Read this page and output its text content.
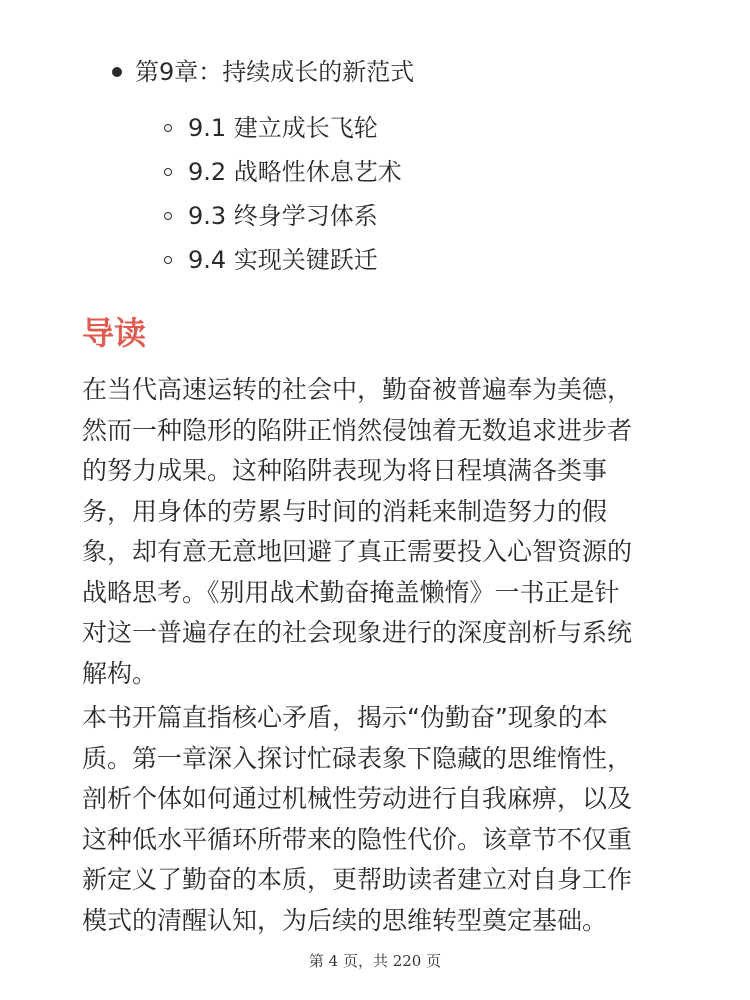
第9章：持续成长的新范式
9.1 建立成长飞轮
9.2 战略性休息艺术
9.3 终身学习体系
9.4 实现关键跃迁
导读
在当代高速运转的社会中，勤奋被普遍奉为美德，
然而一种隐形的陷阱正悄然侵蚀着无数追求进步者
的努力成果。这种陷阱表现为将日程填满各类事
务，用身体的劳累与时间的消耗来制造努力的假
象，却有意无意地回避了真正需要投入心智资源的
战略思考。《别用战术勤奋掩盖懒惰》一书正是针
对这一普遍存在的社会现象进行的深度剖析与系统
解构。
本书开篇直指核心矛盾，揭示“伪勤奋”现象的本
质。第一章深入探讨忙碌表象下隐藏的思维惰性，
剖析个体如何通过机械性劳动进行自我麻痹，以及
这种低水平循环所带来的隐性代价。该章节不仅重
新定义了勤奋的本质，更帮助读者建立对自身工作
模式的清醒认知，为后续的思维转型奠定基础。
第 4 页，共 220 页
